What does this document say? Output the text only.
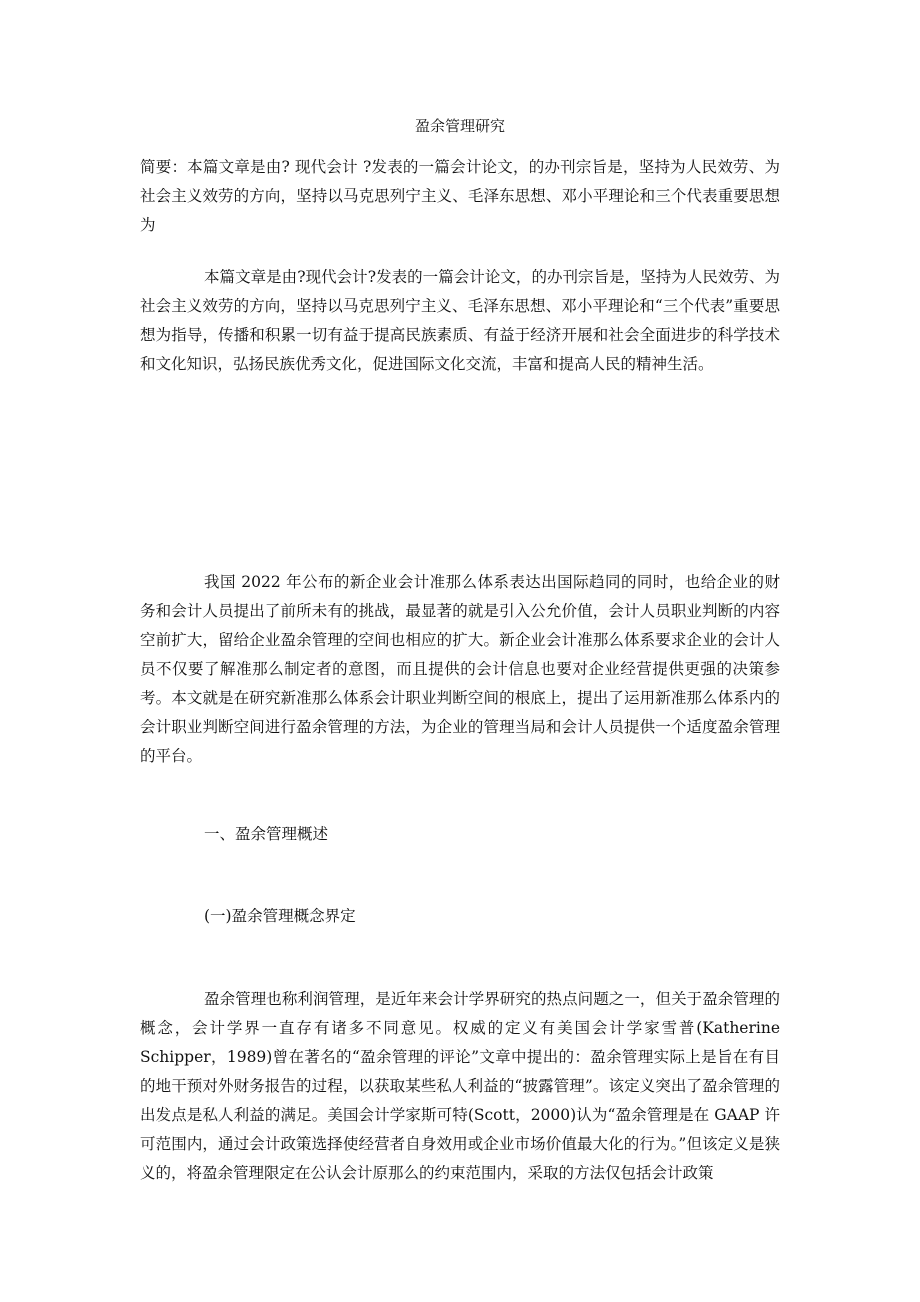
盈余管理研究

简要：本篇文章是由? 现代会计 ?发表的一篇会计论文，的办刊宗旨是，坚持为人民效劳、为社会主义效劳的方向，坚持以马克思列宁主义、毛泽东思想、邓小平理论和三个代表重要思想为

本篇文章是由?现代会计?发表的一篇会计论文，的办刊宗旨是，坚持为人民效劳、为社会主义效劳的方向，坚持以马克思列宁主义、毛泽东思想、邓小平理论和“三个代表”重要思想为指导，传播和积累一切有益于提高民族素质、有益于经济开展和社会全面进步的科学技术和文化知识，弘扬民族优秀文化，促进国际文化交流，丰富和提高人民的精神生活。

我国 2022 年公布的新企业会计准那么体系表达出国际趋同的同时，也给企业的财务和会计人员提出了前所未有的挑战，最显著的就是引入公允价值，会计人员职业判断的内容空前扩大，留给企业盈余管理的空间也相应的扩大。新企业会计准那么体系要求企业的会计人员不仅要了解准那么制定者的意图，而且提供的会计信息也要对企业经营提供更强的决策参考。本文就是在研究新准那么体系会计职业判断空间的根底上，提出了运用新准那么体系内的会计职业判断空间进行盈余管理的方法，为企业的管理当局和会计人员提供一个适度盈余管理的平台。

一、盈余管理概述

(一)盈余管理概念界定

盈余管理也称利润管理，是近年来会计学界研究的热点问题之一，但关于盈余管理的概念，会计学界一直存有诸多不同意见。权威的定义有美国会计学家雪普(Katherine Schipper，1989)曾在著名的“盈余管理的评论”文章中提出的：盈余管理实际上是旨在有目的地干预对外财务报告的过程，以获取某些私人利益的“披露管理”。该定义突出了盈余管理的出发点是私人利益的满足。美国会计学家斯可特(Scott，2000)认为“盈余管理是在 GAAP 许可范围内，通过会计政策选择使经营者自身效用或企业市场价值最大化的行为。”但该定义是狭义的，将盈余管理限定在公认会计原那么的约束范围内，采取的方法仅包括会计政策
